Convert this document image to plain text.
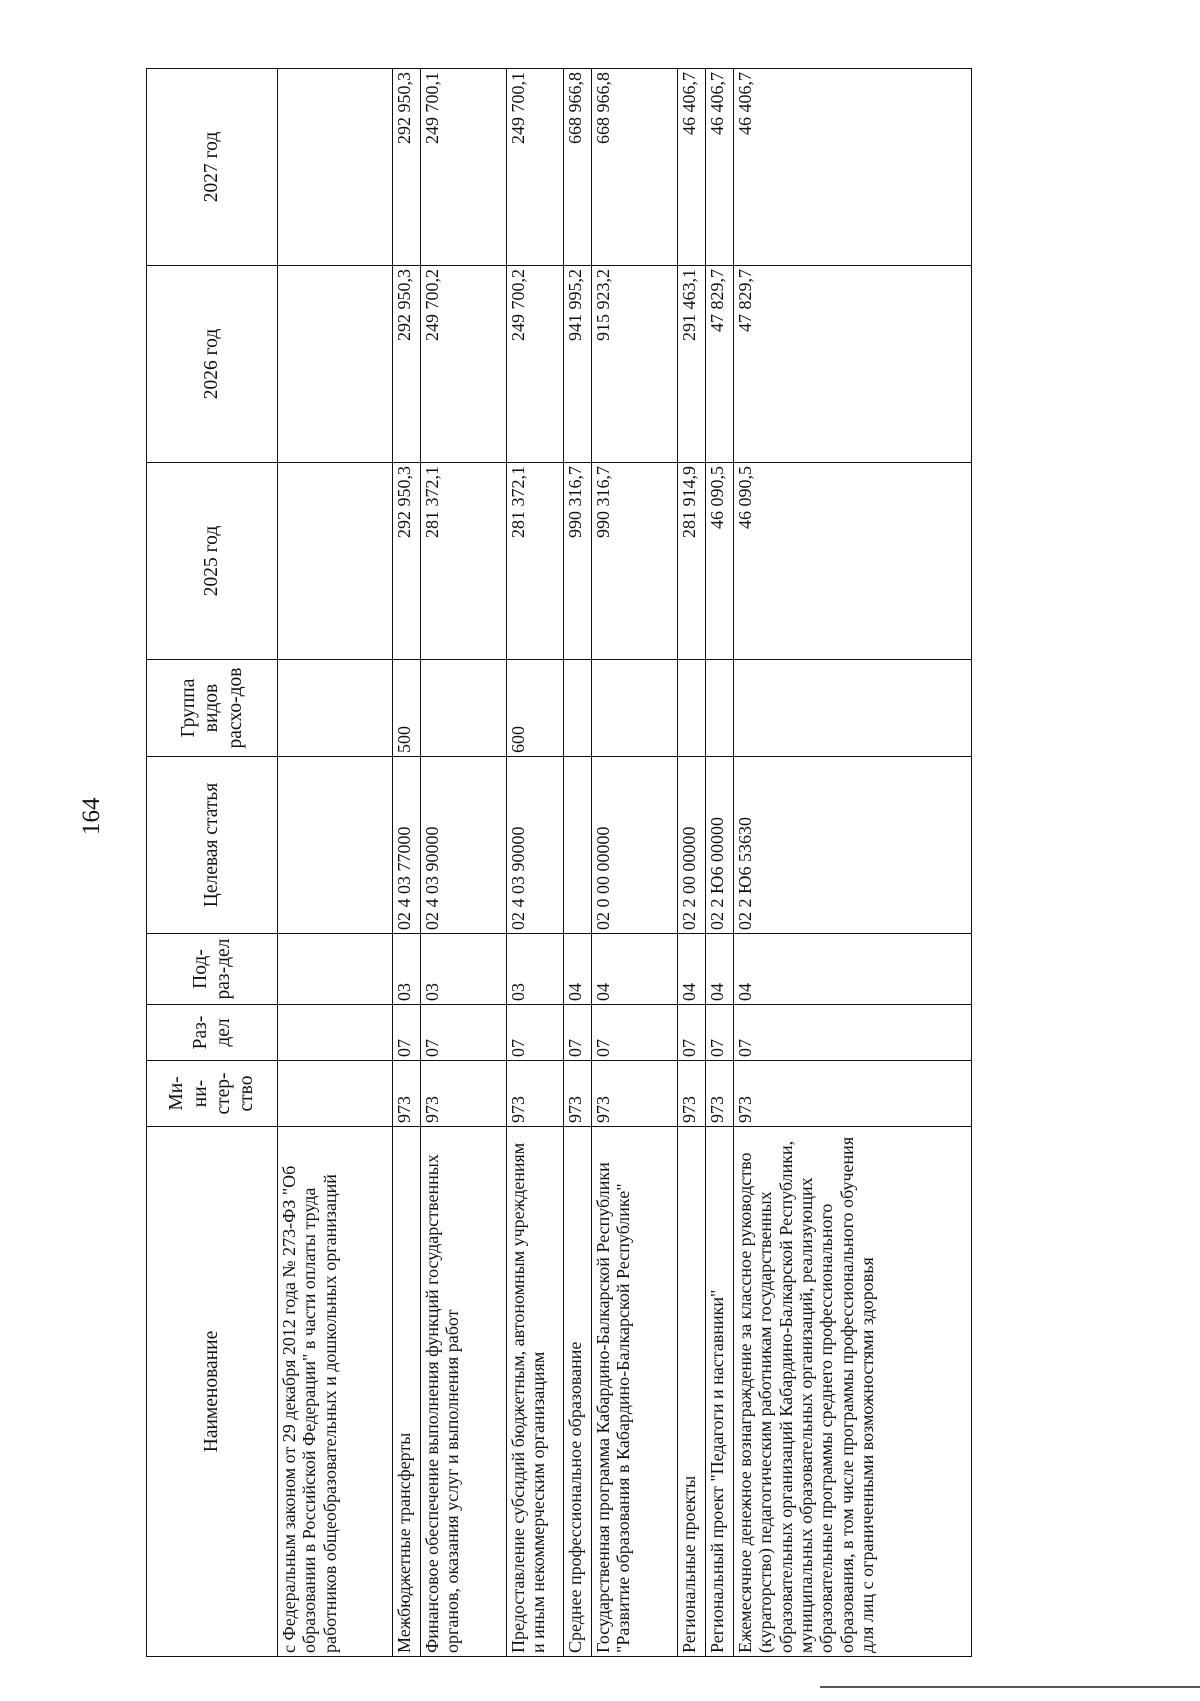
164
Наименование	Ми-ни-стер-ство	Раз-дел	Под-раз-дел	Целевая статья	Группа видов расхо-дов	2025 год	2026 год	2027 год
с Федеральным законом от 29 декабря 2012 года № 273-ФЗ "Об образовании в Российской Федерации" в части оплаты труда работников общеобразовательных и дошкольных организаций								
Межбюджетные трансферты	973	07	03	02 4 03 77000	500	292 950,3	292 950,3	292 950,3
Финансовое обеспечение выполнения функций государственных органов, оказания услуг и выполнения работ	973	07	03	02 4 03 90000		281 372,1	249 700,2	249 700,1
Предоставление субсидий бюджетным, автономным учреждениям и иным некоммерческим организациям	973	07	03	02 4 03 90000	600	281 372,1	249 700,2	249 700,1
Среднее профессиональное образование	973	07	04			990 316,7	941 995,2	668 966,8
Государственная программа Кабардино-Балкарской Республики "Развитие образования в Кабардино-Балкарской Республике"	973	07	04	02 0 00 00000		990 316,7	915 923,2	668 966,8
Региональные проекты	973	07	04	02 2 00 00000		281 914,9	291 463,1	46 406,7
Региональный проект "Педагоги и наставники"	973	07	04	02 2 Ю6 00000		46 090,5	47 829,7	46 406,7
Ежемесячное денежное вознаграждение за классное руководство (кураторство) педагогическим работникам государственных образовательных организаций Кабардино-Балкарской Республики, муниципальных образовательных организаций, реализующих образовательные программы среднего профессионального образования, в том числе программы профессионального обучения для лиц с ограниченными возможностями здоровья	973	07	04	02 2 Ю6 53630		46 090,5	47 829,7	46 406,7
